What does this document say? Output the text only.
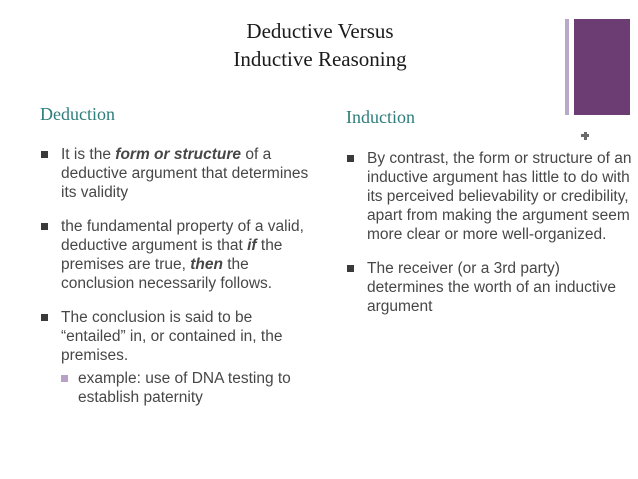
Deductive Versus
Inductive Reasoning
Deduction	Induction
It is the form or structure of a deductive argument that determines its validity
the fundamental property of a valid, deductive argument is that if the premises are true, then the conclusion necessarily follows.
The conclusion is said to be “entailed” in, or contained in, the premises.
example: use of DNA testing to establish paternity
By contrast, the form or structure of an inductive argument has little to do with its perceived believability or credibility, apart from making the argument seem more clear or more well-organized.
The receiver (or a 3rd party) determines the worth of an inductive argument
